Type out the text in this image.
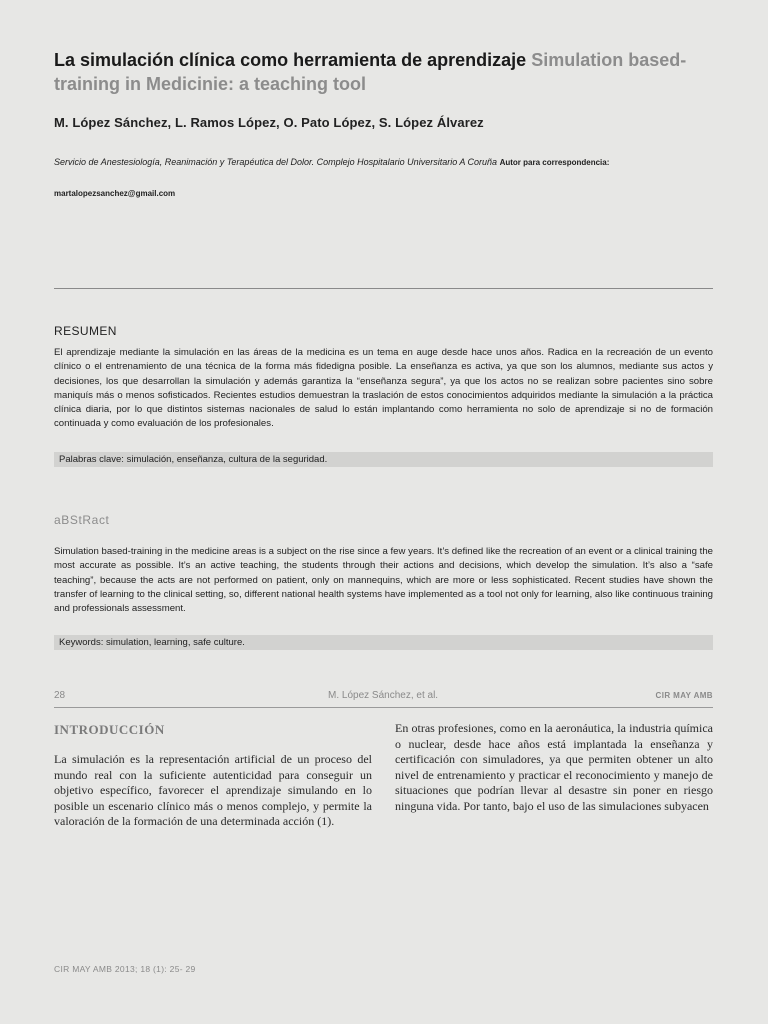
La simulación clínica como herramienta de aprendizaje Simulation based-training in Medicinie: a teaching tool
M. López Sánchez, L. Ramos López, O. Pato López, S. López Álvarez
Servicio de Anestesiología, Reanimación y Terapéutica del Dolor. Complejo Hospitalario Universitario A Coruña Autor para correspondencia: martalopezsanchez@gmail.com
RESUMEN
El aprendizaje mediante la simulación en las áreas de la medicina es un tema en auge desde hace unos años. Radica en la recreación de un evento clínico o el entrenamiento de una técnica de la forma más fidedigna posible. La enseñanza es activa, ya que son los alumnos, mediante sus actos y decisiones, los que desarrollan la simulación y además garantiza la “enseñanza segura”, ya que los actos no se realizan sobre pacientes sino sobre maniquís más o menos sofisticados. Recientes estudios demuestran la traslación de estos conocimientos adquiridos mediante la simulación a la práctica clínica diaria, por lo que distintos sistemas nacionales de salud lo están implantando como herramienta no solo de aprendizaje si no de formación continuada y como evaluación de los profesionales.
Palabras clave: simulación, enseñanza, cultura de la seguridad.
aBStRact
Simulation based-training in the medicine areas is a subject on the rise since a few years. It’s defined like the recreation of an event or a clinical training the most accurate as possible. It’s an active teaching, the students through their actions and decisions, which develop the simulation. It’s also a “safe teaching”, because the acts are not performed on patient, only on mannequins, which are more or less sophisticated. Recent studies have shown the transfer of learning to the clinical setting, so, different national health systems have implemented as a tool not only for learning, also like continuous training and professionals assessment.
Keywords: simulation, learning, safe culture.
28	M. López Sánchez, et al.	CIR MAY AMB
INTRODUCCIÓN
La simulación es la representación artificial de un proceso del mundo real con la suficiente autenticidad para conseguir un objetivo específico, favorecer el aprendizaje simulando en lo posible un escenario clínico más o menos complejo, y permite la valoración de la formación de una determinada acción (1).
En otras profesiones, como en la aeronáutica, la industria química o nuclear, desde hace años está implantada la enseñanza y certificación con simuladores, ya que permiten obtener un alto nivel de entrenamiento y practicar el reconocimiento y manejo de situaciones que podrían llevar al desastre sin poner en riesgo ninguna vida. Por tanto, bajo el uso de las simulaciones subyacen
CIR MAY AMB 2013; 18 (1): 25- 29
